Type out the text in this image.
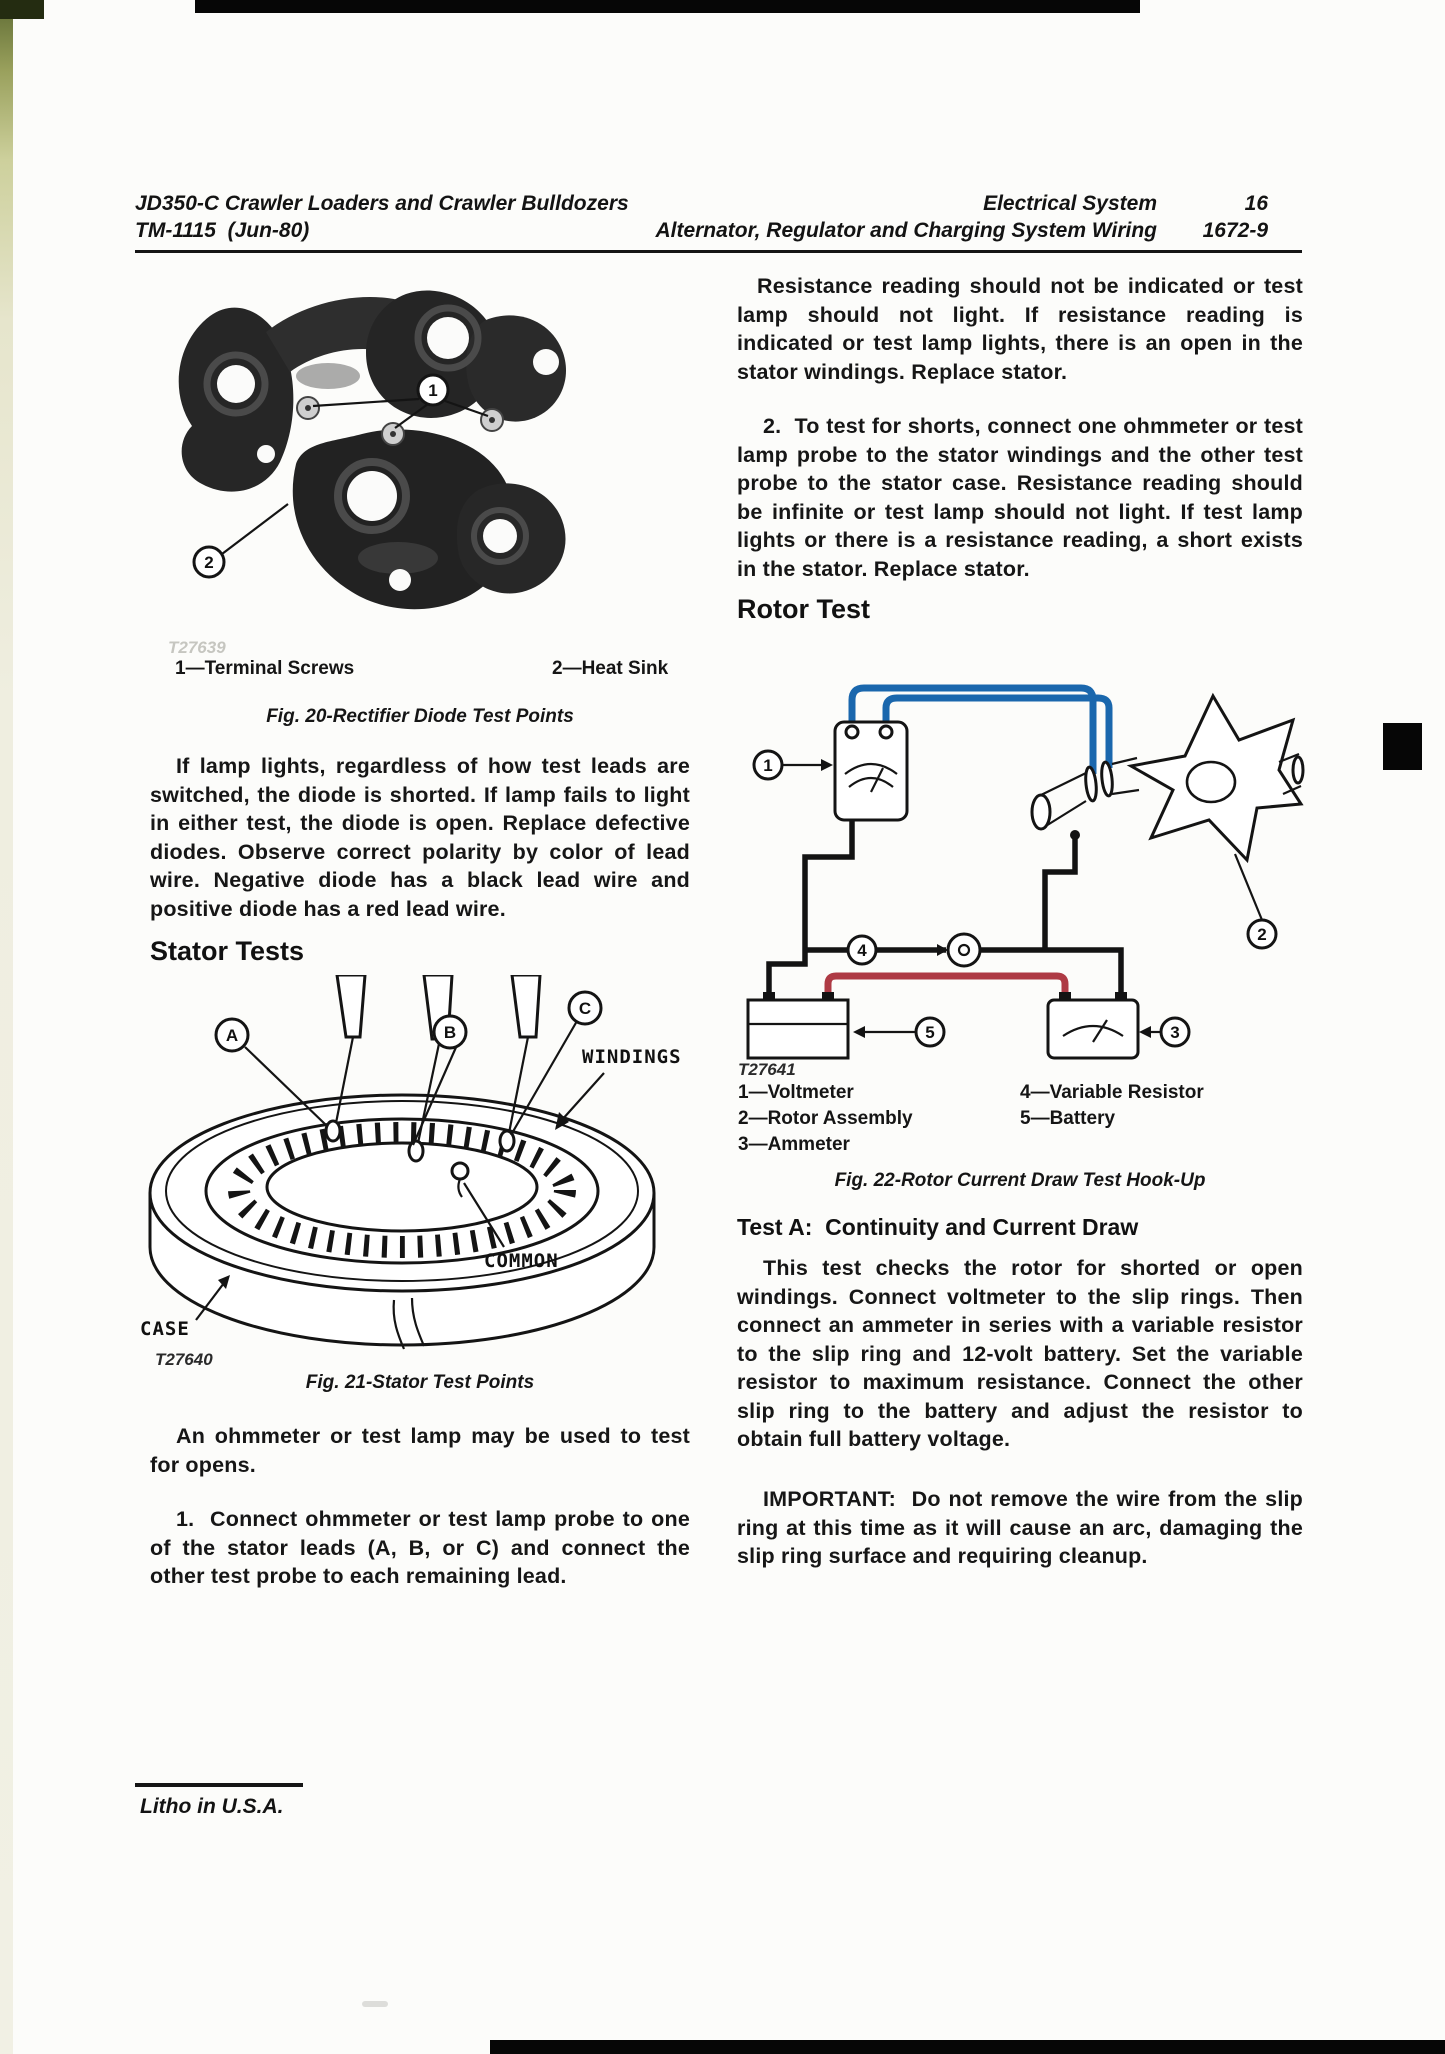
JD350-C Crawler Loaders and Crawler Bulldozers	Electrical System	16
TM-1115  (Jun-80)	Alternator, Regulator and Charging System Wiring	1672-9
1
2
T27639
1—Terminal Screws	2—Heat Sink
Fig. 20-Rectifier Diode Test Points

If lamp lights, regardless of how test leads are switched, the diode is shorted. If lamp fails to light in either test, the diode is open. Replace defective diodes. Observe correct polarity by color of lead wire. Negative diode has a black lead wire and positive diode has a red lead wire.

Stator Tests
A	B
C
WINDINGS
COMMON
CASE
T27640
Fig. 21-Stator Test Points

An ohmmeter or test lamp may be used to test for opens.

1.  Connect ohmmeter or test lamp probe to one of the stator leads (A, B, or C) and connect the other test probe to each remaining lead.

Litho in U.S.A.

Resistance reading should not be indicated or test lamp should not light. If resistance reading is indicated or test lamp lights, there is an open in the stator windings. Replace stator.

2.  To test for shorts, connect one ohmmeter or test lamp probe to the stator windings and the other test probe to the stator case. Resistance reading should be infinite or test lamp should not light. If test lamp lights or there is a resistance reading, a short exists in the stator. Replace stator.

Rotor Test
1
2
3
4
5
T27641
1—Voltmeter
2—Rotor Assembly
3—Ammeter
4—Variable Resistor
5—Battery
Fig. 22-Rotor Current Draw Test Hook-Up
Test A:  Continuity and Current Draw

This test checks the rotor for shorted or open windings. Connect voltmeter to the slip rings. Then connect an ammeter in series with a variable resistor to the slip ring and 12-volt battery. Set the variable resistor to maximum resistance. Connect the other slip ring to the battery and adjust the resistor to obtain full battery voltage.

IMPORTANT:  Do not remove the wire from the slip ring at this time as it will cause an arc, damaging the slip ring surface and requiring cleanup.
